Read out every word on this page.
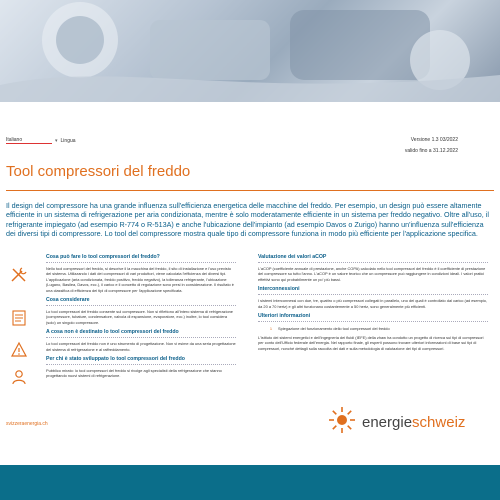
Italiano	▾ Lingua	Versione 1.3 03/2022
valido fino a 31.12.2022
Tool compressori del freddo
Il design del compressore ha una grande influenza sull'efficienza energetica delle macchine del freddo. Per esempio, un design può essere altamente efficiente in un sistema di refrigerazione per aria condizionata, mentre è solo moderatamente efficiente in un sistema per freddo negativo. Oltre all'uso, il refrigerante impiegato (ad esempio R-774 o R-513A) e anche l'ubicazione dell'impianto (ad esempio Davos o Zurigo) hanno un'influenza sull'efficienza dei diversi tipi di compressore. Lo tool del compressore mostra quale tipo di compressore funziona in modo più efficiente per l'applicazione specifica.
Cosa può fare lo tool compressori del freddo?
Nello tool compressori del freddo, si descrive il la macchina del freddo, il sito di installazione e l'uso previsto del sistema. Utilizzando i dati dei compressori di vari produttori, viene calcolata l'efficienza dei diversi tipi. L'applicazione (aria condizionata, freddo positivo, freddo negativo), la tolleranza refrigerante, l'ubicazione (Lugano, Basilea, Davos, ecc.), il carico e il concetto di regolazione sono presi in considerazione. Il risultato è una classifica di efficienza dei tipi di compressore per l'applicazione specificata.
Cosa considerare
Lo tool compressori del freddo consente sul compressore. Non si riflettono all'intero sistema di refrigerazione (compressore, tubature, condensatore, valvola di espansione, evaporatore, ecc.) inoltre, lo tool considera (solo) un singolo compressore.
A cosa non è destinato lo tool compressori del freddo
Lo tool compressori del freddo non è uno strumento di progettazione. Non vi esime da una seria progettazione del sistema di refrigerazione e al raffreddamento.
Per chi è stato sviluppato lo tool compressori del freddo
Pubblico mirato: lo tool compressori del freddo si rivolge agli specialisti della refrigerazione che stanno progettando nuovi sistemi di refrigerazione.
Valutazione dei valori aCOP
L'aCOP (coefficiente annuale di prestazione, anche COPA) calcolato nello tool compressori del freddo è il coefficiente di prestazione del compressore su tutto l'anno. L'aCOP è un valore teorico che un compressore può raggiungere in condizioni ideali. I valori pratici effettivi sono qui probabilmente un po' più bassi.
Interconnessioni
I sistemi interconnessi con due, tre, quattro o più compressori collegati in parallelo, uno dei quali è controllato dal carico (ad esempio, da 20 a 70 hertz) e gli altri funzionano costantemente a 50 hertz, sono generalmente più efficienti.
Ulteriori informazioni
1 Spiegazione del funzionamento dello tool compressori del freddo
L'istituto dei sistemi energetici e dell'ingegneria dei fluidi (IEFE) della zhaw ha condotto un progetto di ricerca sul tipi di compressori per conto dell'Ufficio federale dell'energia. Nel rapporto finale, gli esperti possono trovare ulteriori informazioni di base sui tipi di compressori, nonché dettagli sulla raccolta dei dati e sulla metodologia di valutazione dei tipi di compressori.
svizzeraenergia.ch	energieschweiz
